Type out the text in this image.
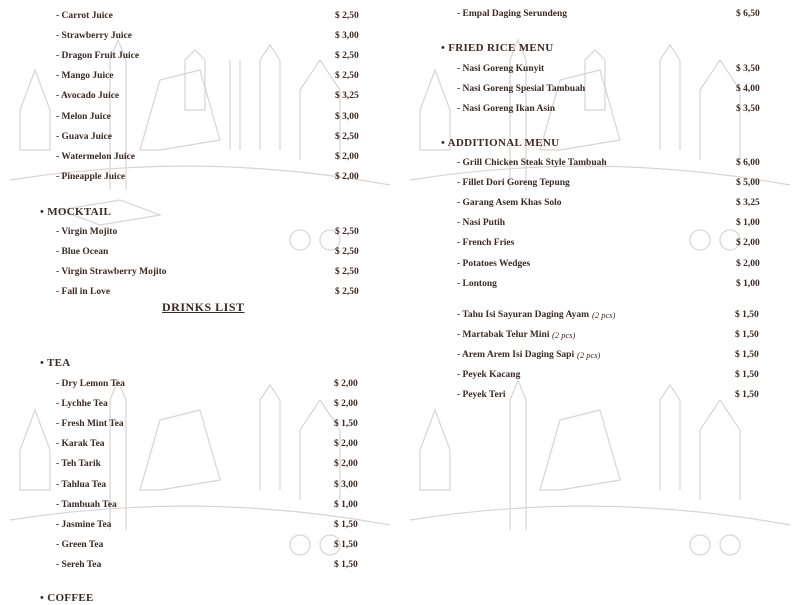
- Carrot Juice	$ 2,50
- Strawberry Juice	$ 3,00
- Dragon Fruit Juice	$ 2,50
- Mango Juice	$ 2,50
- Avocado Juice	$ 3,25
- Melon Juice	$ 3,00
- Guava Juice	$ 2,50
- Watermelon Juice	$ 2,00
- Pineapple Juice	$ 2,00
• MOCKTAIL
- Virgin Mojito	$ 2,50
- Blue Ocean	$ 2,50
- Virgin Strawberry Mojito	$ 2,50
- Fall in Love	$ 2,50
DRINKS LIST
• TEA
- Dry Lemon Tea	$ 2,00
- Lychhe Tea	$ 2,00
- Fresh Mint Tea	$ 1,50
- Karak Tea	$ 2,00
- Teh Tarik	$ 2,00
- Tahlua Tea	$ 3,00
- Tambuah Tea	$ 1,00
- Jasmine Tea	$ 1,50
- Green Tea	$ 1,50
- Sereh Tea	$ 1,50
• COFFEE
- Empal Daging Serundeng	$ 6,50
• FRIED RICE MENU
- Nasi Goreng Kunyit	$ 3,50
- Nasi Goreng Spesial Tambuah	$ 4,00
- Nasi Goreng Ikan Asin	$ 3,50
• ADDITIONAL MENU
- Grill Chicken Steak Style Tambuah	$ 6,00
- Fillet Dori Goreng Tepung	$ 5,00
- Garang Asem Khas Solo	$ 3,25
- Nasi Putih	$ 1,00
- French Fries	$ 2,00
- Potatoes Wedges	$ 2,00
- Lontong	$ 1,00
- Tahu Isi Sayuran Daging Ayam (2 pcs)	$ 1,50
- Martabak Telur Mini (2 pcs)	$ 1,50
- Arem Arem Isi Daging Sapi (2 pcs)	$ 1,50
- Peyek Kacang	$ 1,50
- Peyek Teri	$ 1,50
